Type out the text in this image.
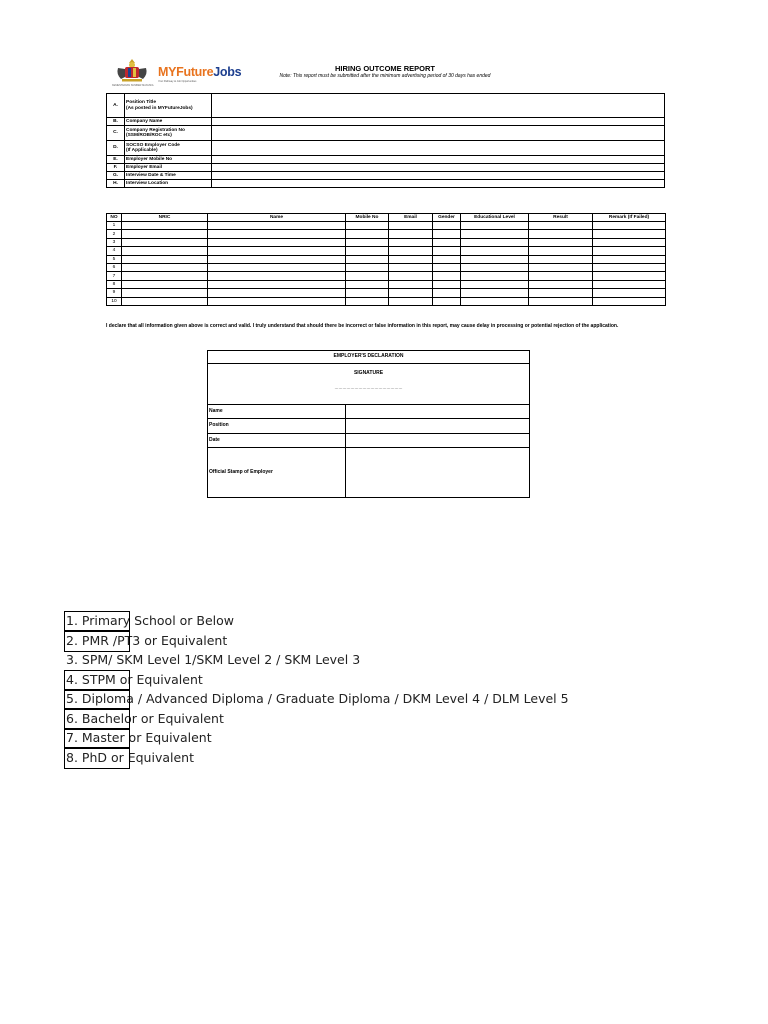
KEMENTERIAN SUMBER MANUSIA
MYFutureJobs
Your Pathway to Job Opportunities
HIRING OUTCOME REPORT
Note: This report must be submitted after the minimum advertising period of 30 days has ended
A.	Position Title
(As posted in MYFutureJobs)	
B.	Company Name	
C.	Company Registration No
(SSM/ROB/ROC etc)	
D.	SOCSO Employer Code
(If Applicable)	
E.	Employer Mobile No	
F.	Employer Email	
G.	Interview Date & Time	
H.	Interview Location	
NO	NRIC	Name	Mobile No	Email	Gender	Educational Level	Result	Remark (If Failed)
1								
2								
3								
4								
5								
6								
7								
8								
9								
10								
I declare that all information given above is correct and valid. I truly understand that should there be incorrect or false information in this report, may cause delay in processing or potential rejection of the application.
EMPLOYER'S DECLARATION	

SIGNATURE
……………………………………………	

Name	
Position	
Date	
Official Stamp of Employer	
1. Primary School or Below
2. PMR /PT3 or Equivalent
3. SPM/ SKM Level 1/SKM Level 2 / SKM Level 3
4. STPM or Equivalent
5. Diploma / Advanced Diploma / Graduate Diploma / DKM Level 4 / DLM Level 5
6. Bachelor or Equivalent
7. Master or Equivalent
8. PhD or Equivalent
